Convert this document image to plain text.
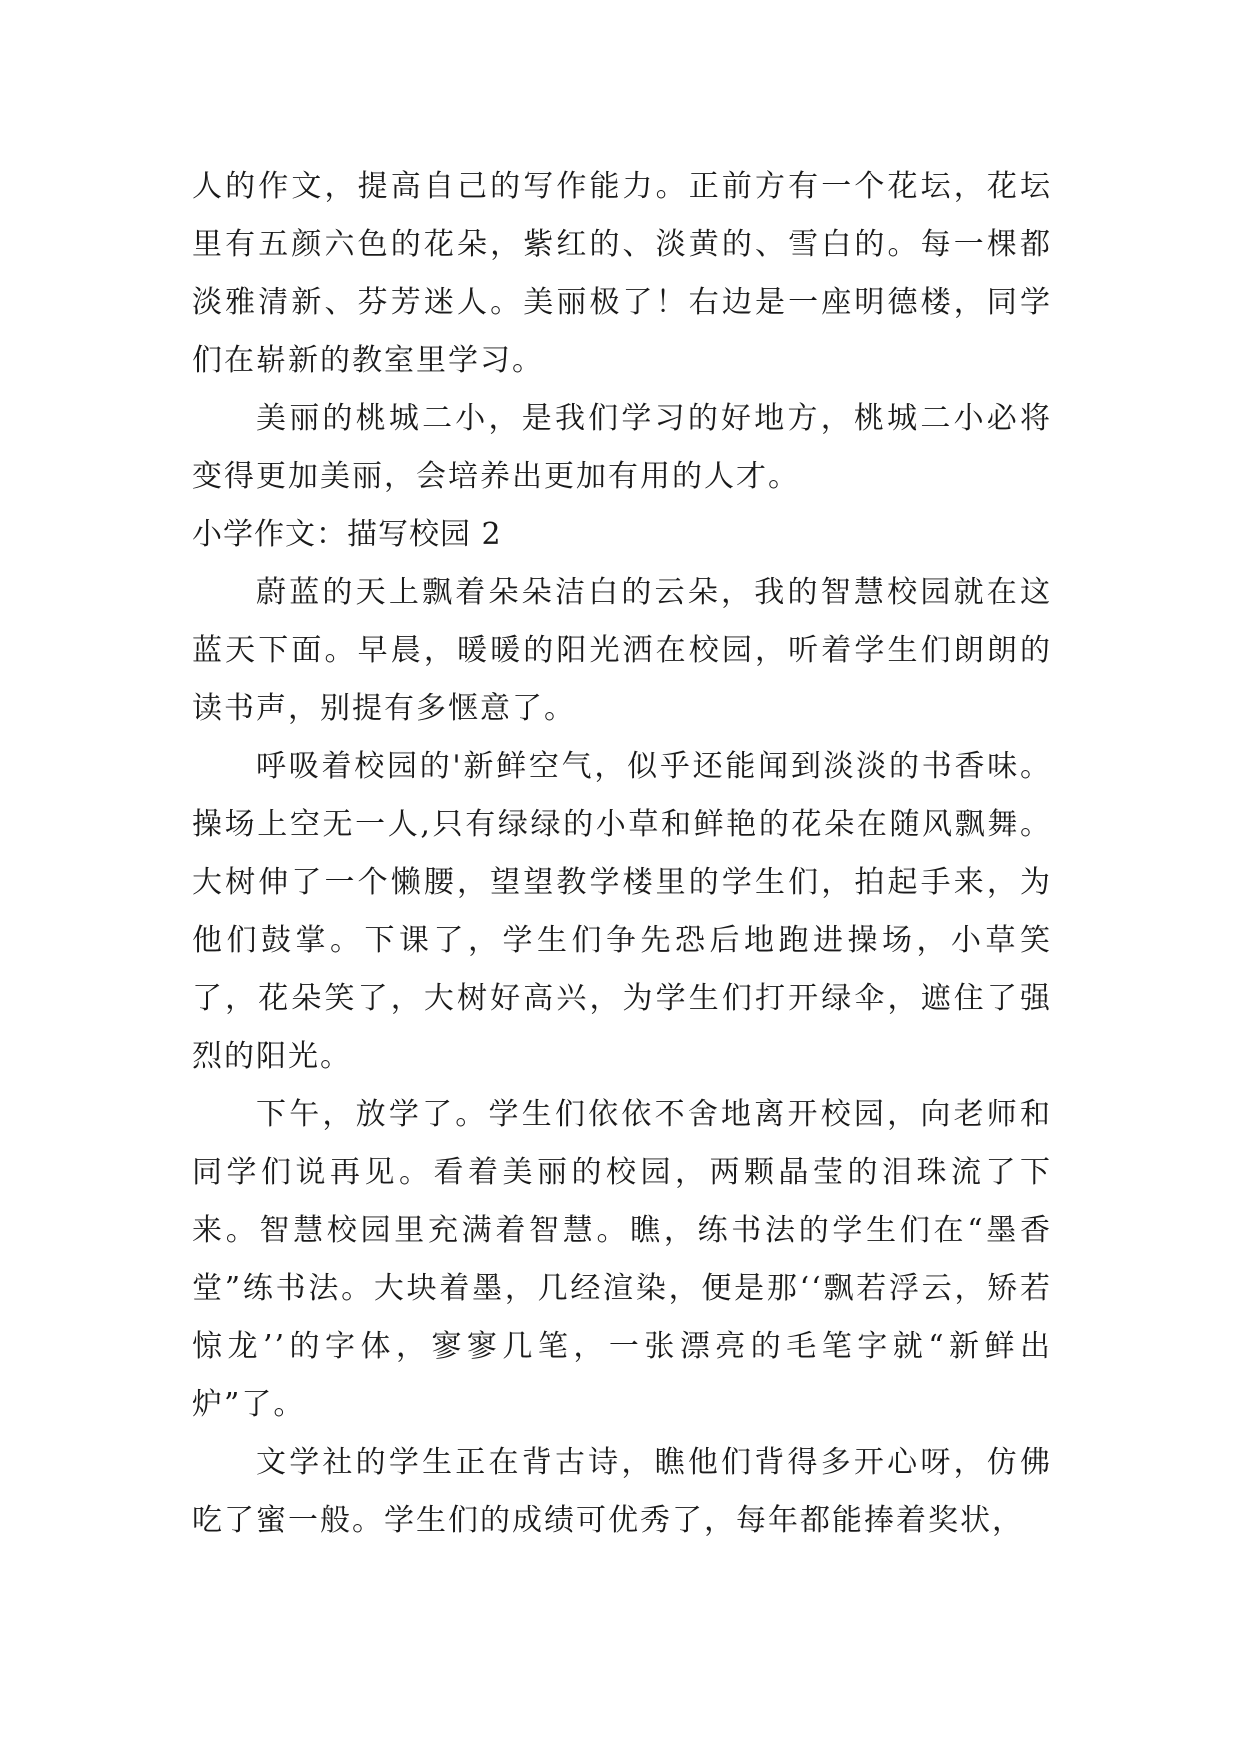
人的作文，提高自己的写作能力。正前方有一个花坛，花坛里有五颜六色的花朵，紫红的、淡黄的、雪白的。每一棵都淡雅清新、芬芳迷人。美丽极了！右边是一座明德楼，同学们在崭新的教室里学习。

美丽的桃城二小，是我们学习的好地方，桃城二小必将变得更加美丽，会培养出更加有用的人才。

小学作文：描写校园 2

蔚蓝的天上飘着朵朵洁白的云朵，我的智慧校园就在这蓝天下面。早晨，暖暖的阳光洒在校园，听着学生们朗朗的读书声，别提有多惬意了。

呼吸着校园的'新鲜空气，似乎还能闻到淡淡的书香味。操场上空无一人,只有绿绿的小草和鲜艳的花朵在随风飘舞。大树伸了一个懒腰，望望教学楼里的学生们，拍起手来，为他们鼓掌。下课了，学生们争先恐后地跑进操场，小草笑了，花朵笑了，大树好高兴，为学生们打开绿伞，遮住了强烈的阳光。

下午，放学了。学生们依依不舍地离开校园，向老师和同学们说再见。看着美丽的校园，两颗晶莹的泪珠流了下来。智慧校园里充满着智慧。瞧，练书法的学生们在“墨香堂”练书法。大块着墨，几经渲染，便是那‘‘飘若浮云，矫若惊龙’’的字体，寥寥几笔，一张漂亮的毛笔字就“新鲜出炉”了。

文学社的学生正在背古诗，瞧他们背得多开心呀，仿佛吃了蜜一般。学生们的成绩可优秀了，每年都能捧着奖状，
